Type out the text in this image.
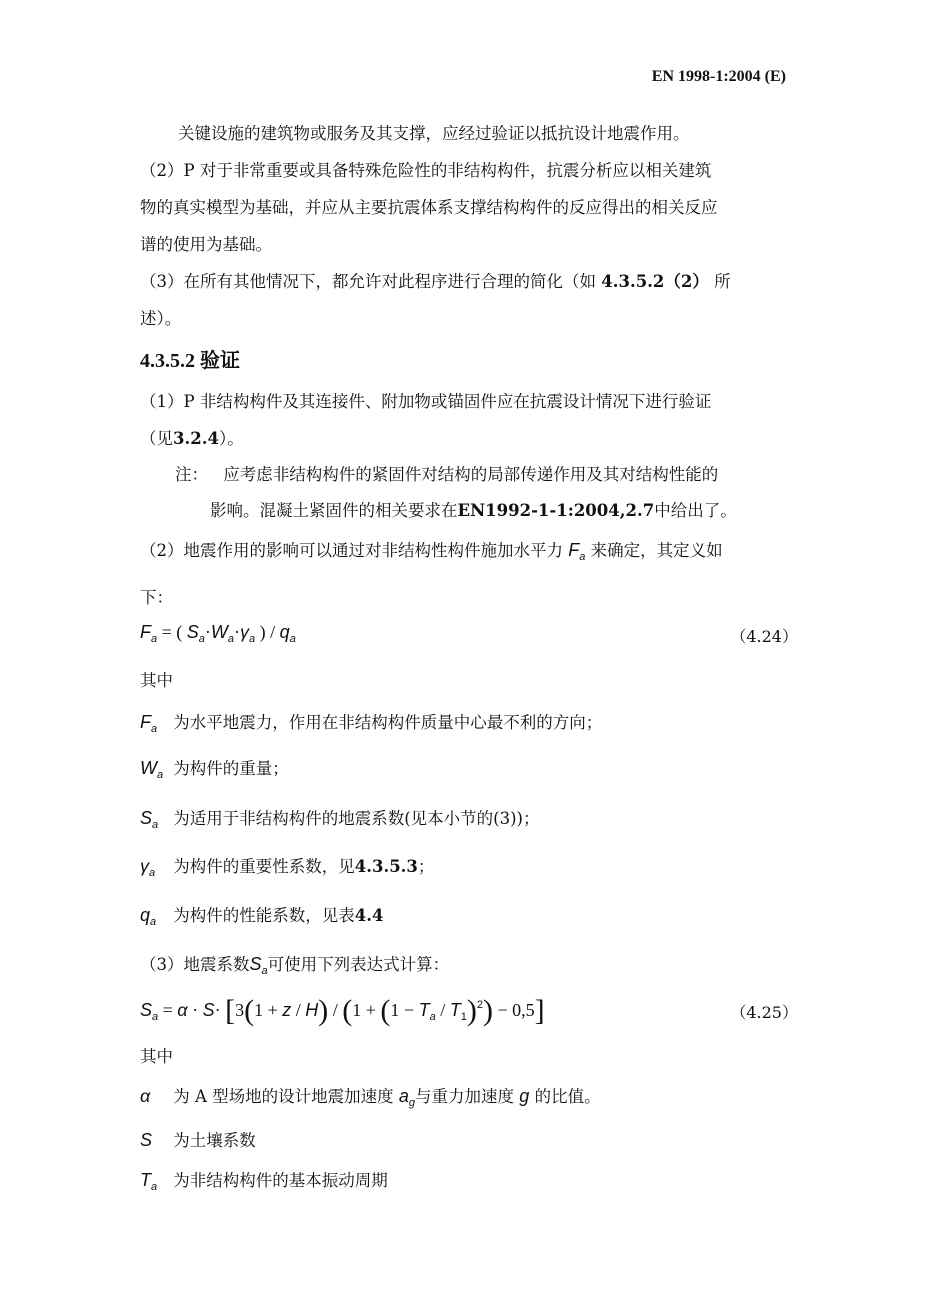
EN 1998-1:2004 (E)
关键设施的建筑物或服务及其支撑，应经过验证以抵抗设计地震作用。
（2）P 对于非常重要或具备特殊危险性的非结构构件，抗震分析应以相关建筑
物的真实模型为基础，并应从主要抗震体系支撑结构构件的反应得出的相关反应
谱的使用为基础。
（3）在所有其他情况下，都允许对此程序进行合理的简化（如 4.3.5.2（2） 所
述）。
4.3.5.2 验证
（1）P 非结构构件及其连接件、附加物或锚固件应在抗震设计情况下进行验证
（见3.2.4）。
注： 应考虑非结构构件的紧固件对结构的局部传递作用及其对结构性能的
影响。混凝土紧固件的相关要求在EN1992-1-1:2004,2.7中给出了。
（2）地震作用的影响可以通过对非结构性构件施加水平力 $F_a$ 来确定，其定义如
下：
$F_a$ = ( $S_a\cdot W_a\cdot\gamma_a$ ) / $q_a$	（4.24）
其中
$F_a$ 为水平地震力，作用在非结构构件质量中心最不利的方向；
$W_a$ 为构件的重量；
$S_a$ 为适用于非结构构件的地震系数(见本小节的(3))；
$\gamma_a$ 为构件的重要性系数，见4.3.5.3；
$q_a$ 为构件的性能系数，见表4.4
（3）地震系数$S_a$可使用下列表达式计算：
$S_a = \alpha \cdot S\cdot [3(1 + z / H) / (1 + (1 - T_a / T_1)^2) - 0,5]$	（4.25）
其中
α 为 A 型场地的设计地震加速度 $a_g$与重力加速度 g 的比值。
S 为土壤系数
$T_a$ 为非结构构件的基本振动周期
